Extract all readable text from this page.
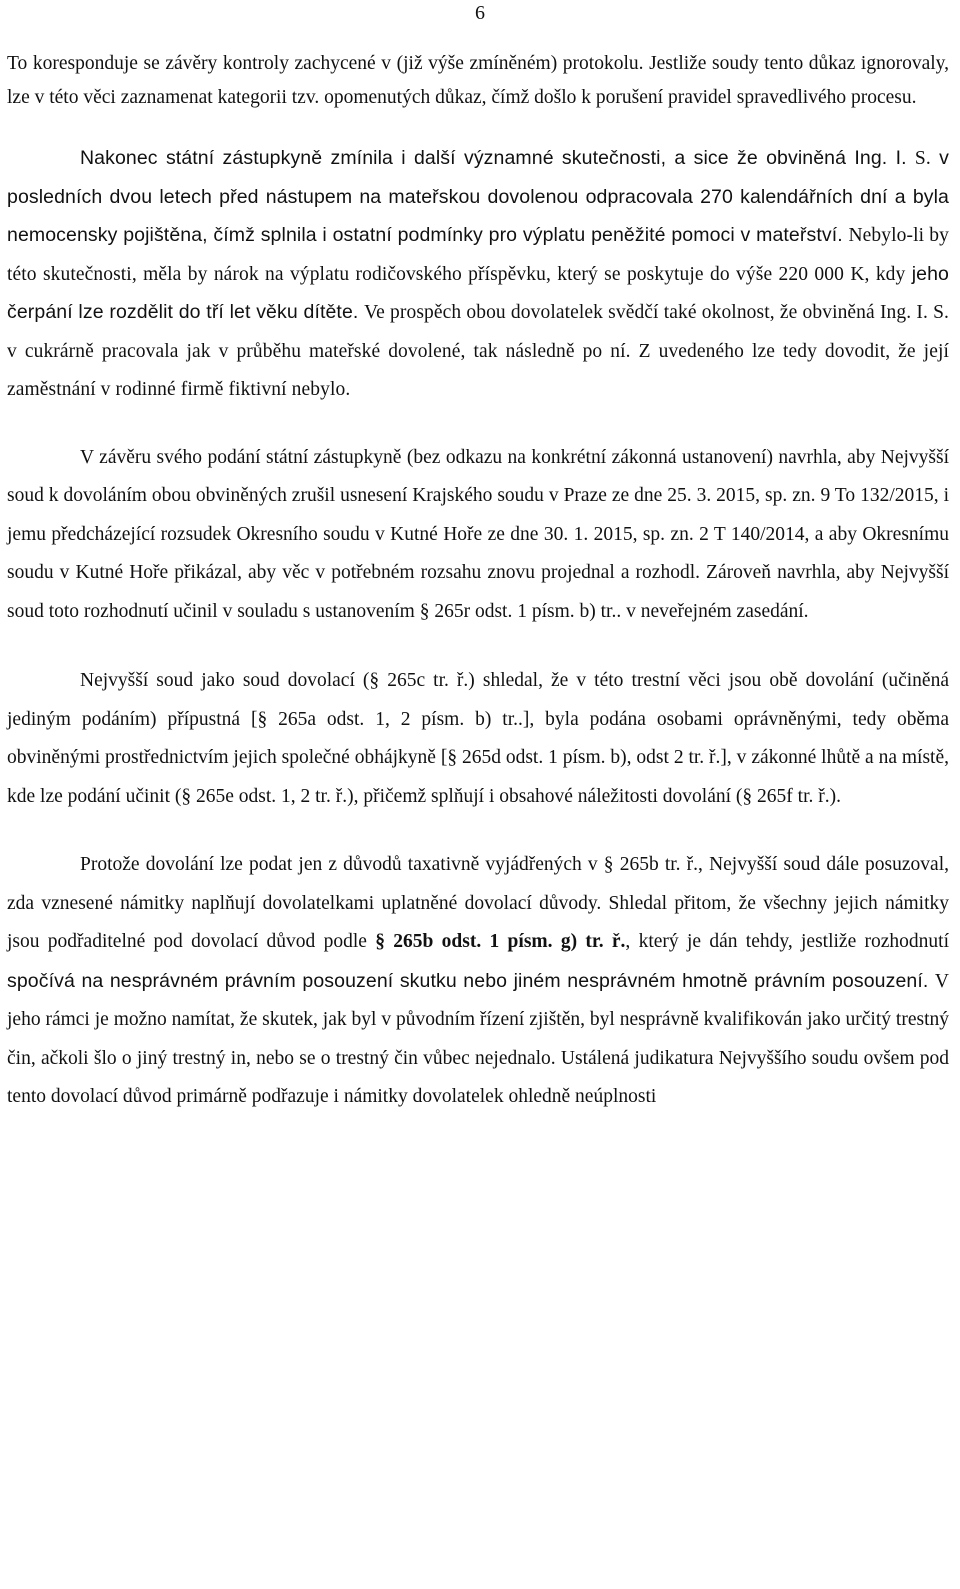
6

To koresponduje se závěry kontroly zachycené v (již výše zmíněném) protokolu. Jestliže soudy tento důkaz ignorovaly, lze v této věci zaznamenat kategorii tzv. opomenutých důkaz, čímž došlo k porušení pravidel spravedlivého procesu.

Nakonec státní zástupkyně zmínila i další významné skutečnosti, a sice že obviněná Ing. I. S. v posledních dvou letech před nástupem na mateřskou dovolenou odpracovala 270 kalendářních dní a byla nemocensky pojištěna, čímž splnila i ostatní podmínky pro výplatu peněžité pomoci v mateřství. Nebylo-li by této skutečnosti, měla by nárok na výplatu rodičovského příspěvku, který se poskytuje do výše 220 000 K, kdy jeho čerpání lze rozdělit do tří let věku dítěte. Ve prospěch obou dovolatelek svědčí také okolnost, že obviněná Ing. I. S. v cukrárně pracovala jak v průběhu mateřské dovolené, tak následně po ní. Z uvedeného lze tedy dovodit, že její zaměstnání v rodinné firmě fiktivní nebylo.

V závěru svého podání státní zástupkyně (bez odkazu na konkrétní zákonná ustanovení) navrhla, aby Nejvyšší soud k dovoláním obou obviněných zrušil usnesení Krajského soudu v Praze ze dne 25. 3. 2015, sp. zn. 9 To 132/2015, i jemu předcházející rozsudek Okresního soudu v Kutné Hoře ze dne 30. 1. 2015, sp. zn. 2 T 140/2014, a aby Okresnímu soudu v Kutné Hoře přikázal, aby věc v potřebném rozsahu znovu projednal a rozhodl. Zároveň navrhla, aby Nejvyšší soud toto rozhodnutí učinil v souladu s ustanovením § 265r odst. 1 písm. b) tr.. v neveřejném zasedání.

Nejvyšší soud jako soud dovolací (§ 265c tr. ř.) shledal, že v této trestní věci jsou obě dovolání (učiněná jediným podáním) přípustná [§ 265a odst. 1, 2 písm. b) tr..], byla podána osobami oprávněnými, tedy oběma obviněnými prostřednictvím jejich společné obhájkyně [§ 265d odst. 1 písm. b), odst 2 tr. ř.], v zákonné lhůtě a na místě, kde lze podání učinit (§ 265e odst. 1, 2 tr. ř.), přičemž splňují i obsahové náležitosti dovolání (§ 265f tr. ř.).

Protože dovolání lze podat jen z důvodů taxativně vyjádřených v § 265b tr. ř., Nejvyšší soud dále posuzoval, zda vznesené námitky naplňují dovolatelkami uplatněné dovolací důvody. Shledal přitom, že všechny jejich námitky jsou podřaditelné pod dovolací důvod podle § 265b odst. 1 písm. g) tr. ř., který je dán tehdy, jestliže rozhodnutí spočívá na nesprávném právním posouzení skutku nebo jiném nesprávném hmotně právním posouzení. V jeho rámci je možno namítat, že skutek, jak byl v původním řízení zjištěn, byl nesprávně kvalifikován jako určitý trestný čin, ačkoli šlo o jiný trestný in, nebo se o trestný čin vůbec nejednalo. Ustálená judikatura Nejvyššího soudu ovšem pod tento dovolací důvod primárně podřazuje i námitky dovolatelek ohledně neúplnosti
